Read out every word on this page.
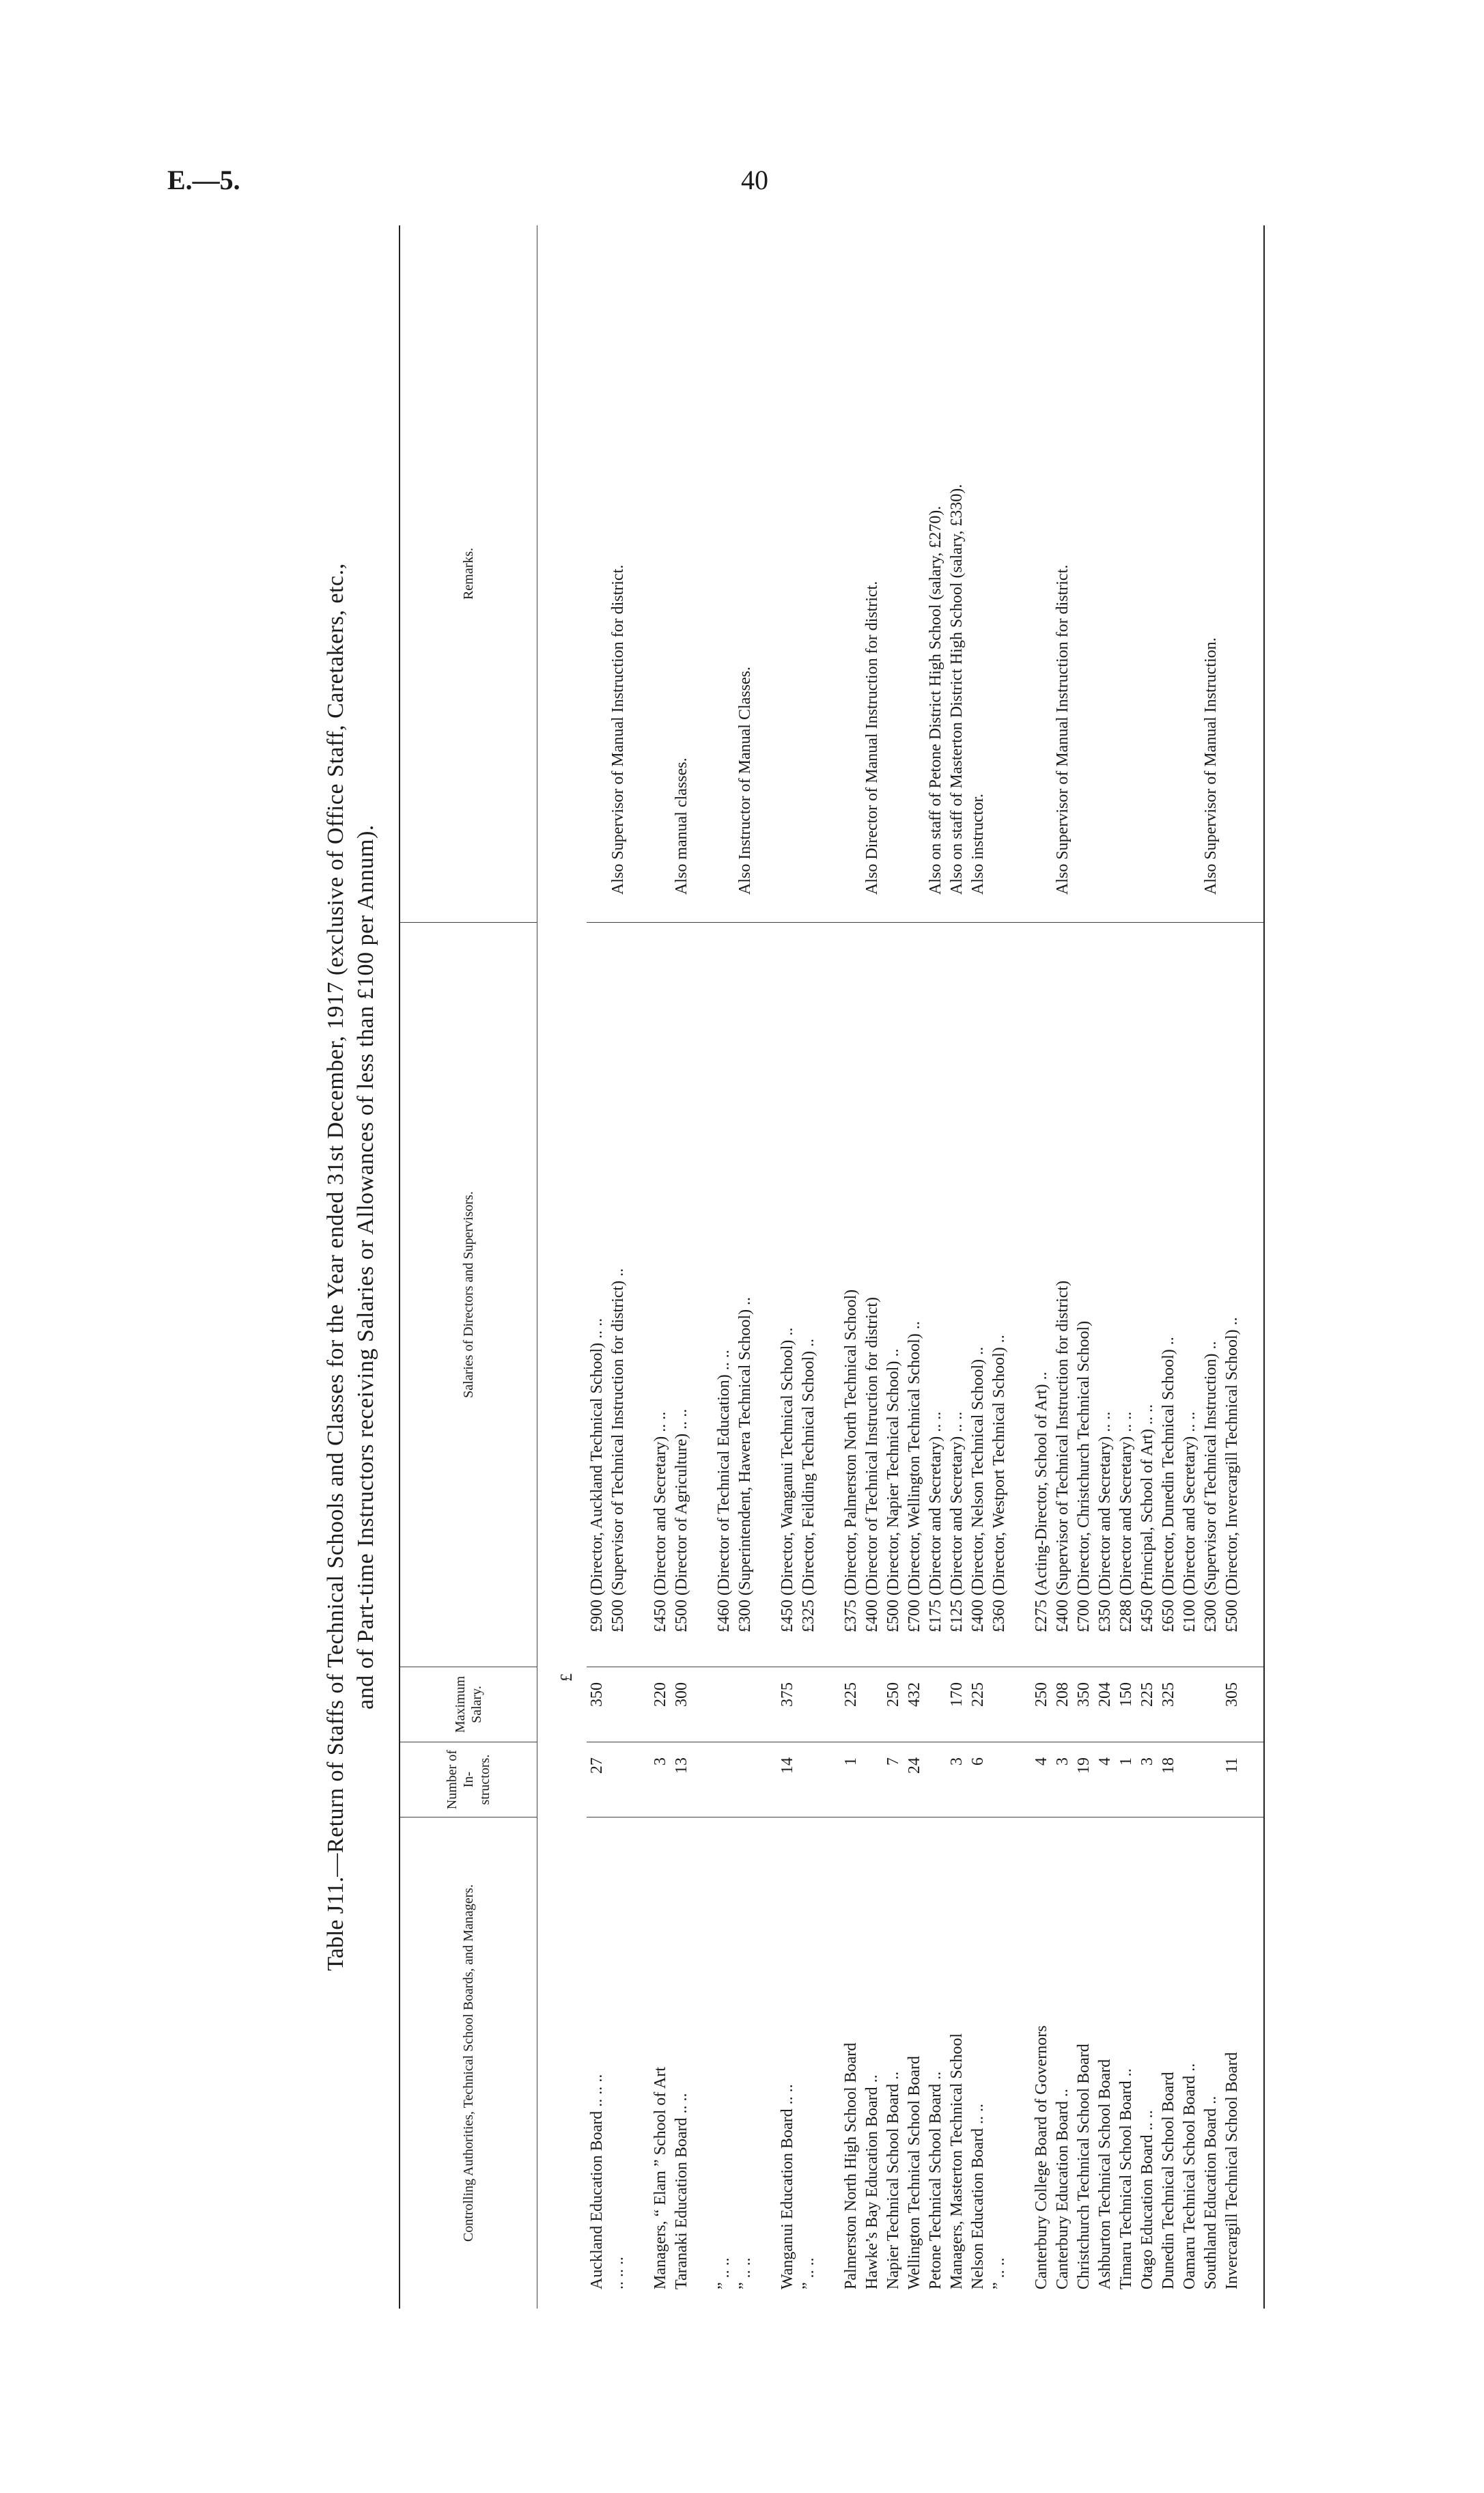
E.—5.	40
Table J11.—Return of Staffs of Technical Schools and Classes for the Year ended 31st December, 1917 (exclusive of Office Staff, Caretakers, etc., and of Part-time Instructors receiving Salaries or Allowances of less than £100 per Annum).
Controlling Authorities, Technical School Boards, and Managers.
Number of In-structors.
Maximum Salary.
Salaries of Directors and Supervisors.
Remarks.
£
Auckland Education Board .. .. ..
27
350
£900 (Director, Auckland Technical School) .. ..
.. .. ..
£500 (Supervisor of Technical Instruction for district) ..
Also Supervisor of Manual Instruction for district.
Managers, “ Elam ” School of Art
3
220
£450 (Director and Secretary) .. ..
Taranaki Education Board .. ..
13
300
£500 (Director of Agriculture) .. ..
Also manual classes.
” .. ..
£460 (Director of Technical Education) .. ..
” .. ..
£300 (Superintendent, Hawera Technical School) ..
Also Instructor of Manual Classes.
Wanganui Education Board .. ..
14
375
£450 (Director, Wanganui Technical School) ..
” .. ..
£325 (Director, Feilding Technical School) ..
Palmerston North High School Board
1
225
£375 (Director, Palmerston North Technical School)
Hawke’s Bay Education Board ..
£400 (Director of Technical Instruction for district)
Also Director of Manual Instruction for district.
Napier Technical School Board ..
7
250
£500 (Director, Napier Technical School) ..
Wellington Technical School Board
24
432
£700 (Director, Wellington Technical School) ..
Petone Technical School Board ..
£175 (Director and Secretary) .. ..
Also on staff of Petone District High School (salary, £270).
Managers, Masterton Technical School
3
170
£125 (Director and Secretary) .. ..
Also on staff of Masterton District High School (salary, £330).
Nelson Education Board .. ..
6
225
£400 (Director, Nelson Technical School) ..
Also instructor.
” .. ..
£360 (Director, Westport Technical School) ..
Canterbury College Board of Governors
4
250
£275 (Acting-Director, School of Art) ..
Canterbury Education Board ..
3
208
£400 (Supervisor of Technical Instruction for district)
Also Supervisor of Manual Instruction for district.
Christchurch Technical School Board
19
350
£700 (Director, Christchurch Technical School)
Ashburton Technical School Board
4
204
£350 (Director and Secretary) .. ..
Timaru Technical School Board ..
1
150
£288 (Director and Secretary) .. ..
Otago Education Board .. ..
3
225
£450 (Principal, School of Art) .. ..
Dunedin Technical School Board
18
325
£650 (Director, Dunedin Technical School) ..
Oamaru Technical School Board ..
£100 (Director and Secretary) .. ..
Southland Education Board ..
£300 (Supervisor of Technical Instruction) ..
Also Supervisor of Manual Instruction.
Invercargill Technical School Board
11
305
£500 (Director, Invercargill Technical School) ..
